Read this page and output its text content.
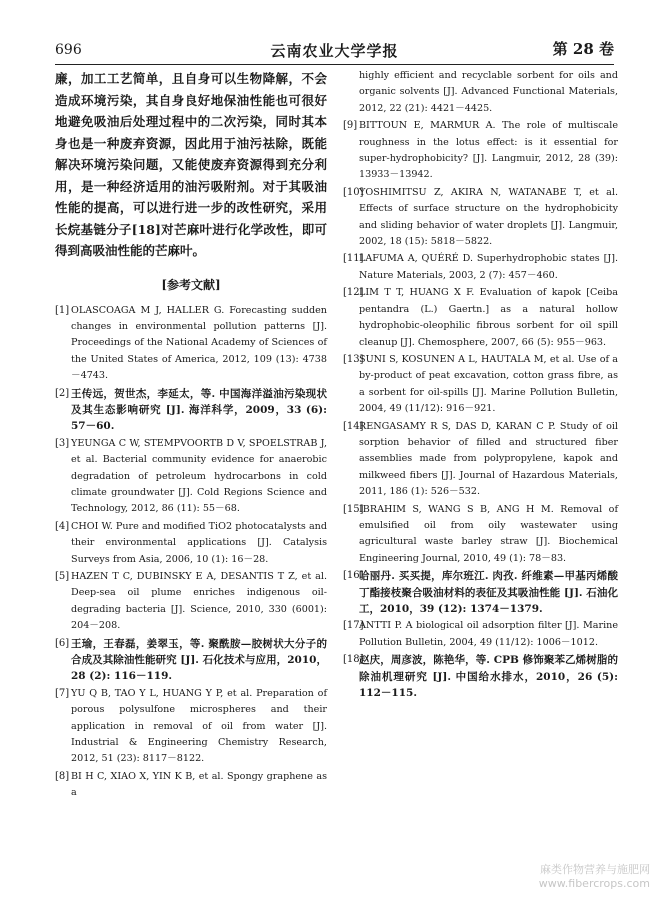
696	云南农业大学学报	第 28 卷

廉，加工工艺简单，且自身可以生物降解，不会造成环境污染，其自身良好地保油性能也可很好地避免吸油后处理过程中的二次污染，同时其本身也是一种废弃资源，因此用于油污祛除，既能解决环境污染问题，又能使废弃资源得到充分利用，是一种经济适用的油污吸附剂。对于其吸油性能的提高，可以进行进一步的改性研究，采用长烷基链分子[18]对芒麻叶进行化学改性，即可得到高吸油性能的芒麻叶。

[参考文献]
[1] OLASCOAGA M J, HALLER G. Forecasting sudden changes in environmental pollution patterns [J]. Proceedings of the National Academy of Sciences of the United States of America, 2012, 109 (13): 4738－4743.
[2] 王传远，贺世杰，李延太，等. 中国海洋溢油污染现状及其生态影响研究 [J]. 海洋科学，2009，33 (6): 57－60.
[3] YEUNGA C W, STEMPVOORTB D V, SPOELSTRAB J, et al. Bacterial community evidence for anaerobic degradation of petroleum hydrocarbons in cold climate groundwater [J]. Cold Regions Science and Technology, 2012, 86 (11): 55－68.
[4] CHOI W. Pure and modified TiO2 photocatalysts and their environmental applications [J]. Catalysis Surveys from Asia, 2006, 10 (1): 16－28.
[5] HAZEN T C, DUBINSKY E A, DESANTIS T Z, et al. Deep-sea oil plume enriches indigenous oil-degrading bacteria [J]. Science, 2010, 330 (6001): 204－208.
[6] 王瑜，王春磊，姜翠玉，等. 聚酰胺—胶树状大分子的合成及其除油性能研究 [J]. 石化技术与应用，2010，28 (2): 116－119.
[7] YU Q B, TAO Y L, HUANG Y P, et al. Preparation of porous polysulfone microspheres and their application in removal of oil from water [J]. Industrial & Engineering Chemistry Research, 2012, 51 (23): 8117－8122.
[8] BI H C, XIAO X, YIN K B, et al. Spongy graphene as a
highly efficient and recyclable sorbent for oils and organic solvents [J]. Advanced Functional Materials, 2012, 22 (21): 4421－4425.
[9] BITTOUN E, MARMUR A. The role of multiscale roughness in the lotus effect: is it essential for super-hydrophobicity? [J]. Langmuir, 2012, 28 (39): 13933－13942.
[10]
YOSHIMITSU Z, AKIRA N, WATANABE T, et al. Effects of surface structure on the hydrophobicity and sliding behavior of water droplets [J]. Langmuir, 2002, 18 (15): 5818－5822.
[11]
LAFUMA A, QUÉRÉ D. Superhydrophobic states [J]. Nature Materials, 2003, 2 (7): 457－460.
[12]
LIM T T, HUANG X F. Evaluation of kapok [Ceiba pentandra (L.) Gaertn.] as a natural hollow hydrophobic-oleophilic fibrous sorbent for oil spill cleanup [J]. Chemosphere, 2007, 66 (5): 955－963.
[13]
SUNI S, KOSUNEN A L, HAUTALA M, et al. Use of a by-product of peat excavation, cotton grass fibre, as a sorbent for oil-spills [J]. Marine Pollution Bulletin, 2004, 49 (11/12): 916－921.
[14]
RENGASAMY R S, DAS D, KARAN C P. Study of oil sorption behavior of filled and structured fiber assemblies made from polypropylene, kapok and milkweed fibers [J]. Journal of Hazardous Materials, 2011, 186 (1): 526－532.
[15]
IBRAHIM S, WANG S B, ANG H M. Removal of emulsified oil from oily wastewater using agricultural waste barley straw [J]. Biochemical Engineering Journal, 2010, 49 (1): 78－83.
[16]
哈丽丹. 买买提，库尔班江. 肉孜. 纤维素—甲基丙烯酸丁酯接枝聚合吸油材料的表征及其吸油性能 [J]. 石油化工，2010，39 (12): 1374－1379.
[17]
ANTTI P. A biological oil adsorption filter [J]. Marine Pollution Bulletin, 2004, 49 (11/12): 1006－1012.
[18]
赵庆，周彦波，陈艳华，等. CPB 修饰聚苯乙烯树脂的除油机理研究 [J]. 中国给水排水，2010，26 (5): 112－115.
麻类作物营养与施肥网
www.fibercrops.com
